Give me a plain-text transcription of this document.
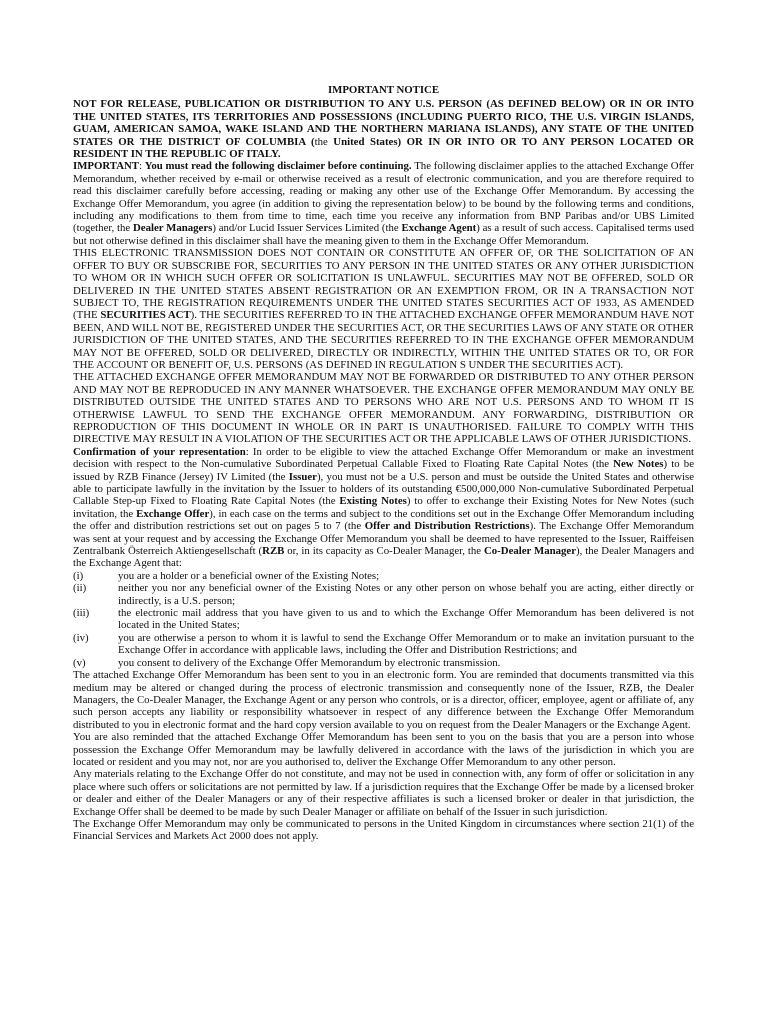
IMPORTANT NOTICE

NOT FOR RELEASE, PUBLICATION OR DISTRIBUTION TO ANY U.S. PERSON (AS DEFINED BELOW) OR IN OR INTO THE UNITED STATES, ITS TERRITORIES AND POSSESSIONS (INCLUDING PUERTO RICO, THE U.S. VIRGIN ISLANDS, GUAM, AMERICAN SAMOA, WAKE ISLAND AND THE NORTHERN MARIANA ISLANDS), ANY STATE OF THE UNITED STATES OR THE DISTRICT OF COLUMBIA (the United States) OR IN OR INTO OR TO ANY PERSON LOCATED OR RESIDENT IN THE REPUBLIC OF ITALY.

IMPORTANT: You must read the following disclaimer before continuing. The following disclaimer applies to the attached Exchange Offer Memorandum, whether received by e-mail or otherwise received as a result of electronic communication, and you are therefore required to read this disclaimer carefully before accessing, reading or making any other use of the Exchange Offer Memorandum. By accessing the Exchange Offer Memorandum, you agree (in addition to giving the representation below) to be bound by the following terms and conditions, including any modifications to them from time to time, each time you receive any information from BNP Paribas and/or UBS Limited (together, the Dealer Managers) and/or Lucid Issuer Services Limited (the Exchange Agent) as a result of such access. Capitalised terms used but not otherwise defined in this disclaimer shall have the meaning given to them in the Exchange Offer Memorandum.

THIS ELECTRONIC TRANSMISSION DOES NOT CONTAIN OR CONSTITUTE AN OFFER OF, OR THE SOLICITATION OF AN OFFER TO BUY OR SUBSCRIBE FOR, SECURITIES TO ANY PERSON IN THE UNITED STATES OR ANY OTHER JURISDICTION TO WHOM OR IN WHICH SUCH OFFER OR SOLICITATION IS UNLAWFUL. SECURITIES MAY NOT BE OFFERED, SOLD OR DELIVERED IN THE UNITED STATES ABSENT REGISTRATION OR AN EXEMPTION FROM, OR IN A TRANSACTION NOT SUBJECT TO, THE REGISTRATION REQUIREMENTS UNDER THE UNITED STATES SECURITIES ACT OF 1933, AS AMENDED (THE SECURITIES ACT). THE SECURITIES REFERRED TO IN THE ATTACHED EXCHANGE OFFER MEMORANDUM HAVE NOT BEEN, AND WILL NOT BE, REGISTERED UNDER THE SECURITIES ACT, OR THE SECURITIES LAWS OF ANY STATE OR OTHER JURISDICTION OF THE UNITED STATES, AND THE SECURITIES REFERRED TO IN THE EXCHANGE OFFER MEMORANDUM MAY NOT BE OFFERED, SOLD OR DELIVERED, DIRECTLY OR INDIRECTLY, WITHIN THE UNITED STATES OR TO, OR FOR THE ACCOUNT OR BENEFIT OF, U.S. PERSONS (AS DEFINED IN REGULATION S UNDER THE SECURITIES ACT).

THE ATTACHED EXCHANGE OFFER MEMORANDUM MAY NOT BE FORWARDED OR DISTRIBUTED TO ANY OTHER PERSON AND MAY NOT BE REPRODUCED IN ANY MANNER WHATSOEVER. THE EXCHANGE OFFER MEMORANDUM MAY ONLY BE DISTRIBUTED OUTSIDE THE UNITED STATES AND TO PERSONS WHO ARE NOT U.S. PERSONS AND TO WHOM IT IS OTHERWISE LAWFUL TO SEND THE EXCHANGE OFFER MEMORANDUM. ANY FORWARDING, DISTRIBUTION OR REPRODUCTION OF THIS DOCUMENT IN WHOLE OR IN PART IS UNAUTHORISED. FAILURE TO COMPLY WITH THIS DIRECTIVE MAY RESULT IN A VIOLATION OF THE SECURITIES ACT OR THE APPLICABLE LAWS OF OTHER JURISDICTIONS.

Confirmation of your representation: In order to be eligible to view the attached Exchange Offer Memorandum or make an investment decision with respect to the Non-cumulative Subordinated Perpetual Callable Fixed to Floating Rate Capital Notes (the New Notes) to be issued by RZB Finance (Jersey) IV Limited (the Issuer), you must not be a U.S. person and must be outside the United States and otherwise able to participate lawfully in the invitation by the Issuer to holders of its outstanding €500,000,000 Non-cumulative Subordinated Perpetual Callable Step-up Fixed to Floating Rate Capital Notes (the Existing Notes) to offer to exchange their Existing Notes for New Notes (such invitation, the Exchange Offer), in each case on the terms and subject to the conditions set out in the Exchange Offer Memorandum including the offer and distribution restrictions set out on pages 5 to 7 (the Offer and Distribution Restrictions). The Exchange Offer Memorandum was sent at your request and by accessing the Exchange Offer Memorandum you shall be deemed to have represented to the Issuer, Raiffeisen Zentralbank Österreich Aktiengesellschaft (RZB or, in its capacity as Co-Dealer Manager, the Co-Dealer Manager), the Dealer Managers and the Exchange Agent that:

(i)	you are a holder or a beneficial owner of the Existing Notes;
(ii)	neither you nor any beneficial owner of the Existing Notes or any other person on whose behalf you are acting, either directly or indirectly, is a U.S. person;
(iii)	the electronic mail address that you have given to us and to which the Exchange Offer Memorandum has been delivered is not located in the United States;
(iv)	you are otherwise a person to whom it is lawful to send the Exchange Offer Memorandum or to make an invitation pursuant to the Exchange Offer in accordance with applicable laws, including the Offer and Distribution Restrictions; and
(v)	you consent to delivery of the Exchange Offer Memorandum by electronic transmission.

The attached Exchange Offer Memorandum has been sent to you in an electronic form. You are reminded that documents transmitted via this medium may be altered or changed during the process of electronic transmission and consequently none of the Issuer, RZB, the Dealer Managers, the Co-Dealer Manager, the Exchange Agent or any person who controls, or is a director, officer, employee, agent or affiliate of, any such person accepts any liability or responsibility whatsoever in respect of any difference between the Exchange Offer Memorandum distributed to you in electronic format and the hard copy version available to you on request from the Dealer Managers or the Exchange Agent.

You are also reminded that the attached Exchange Offer Memorandum has been sent to you on the basis that you are a person into whose possession the Exchange Offer Memorandum may be lawfully delivered in accordance with the laws of the jurisdiction in which you are located or resident and you may not, nor are you authorised to, deliver the Exchange Offer Memorandum to any other person.

Any materials relating to the Exchange Offer do not constitute, and may not be used in connection with, any form of offer or solicitation in any place where such offers or solicitations are not permitted by law. If a jurisdiction requires that the Exchange Offer be made by a licensed broker or dealer and either of the Dealer Managers or any of their respective affiliates is such a licensed broker or dealer in that jurisdiction, the Exchange Offer shall be deemed to be made by such Dealer Manager or affiliate on behalf of the Issuer in such jurisdiction.

The Exchange Offer Memorandum may only be communicated to persons in the United Kingdom in circumstances where section 21(1) of the Financial Services and Markets Act 2000 does not apply.
